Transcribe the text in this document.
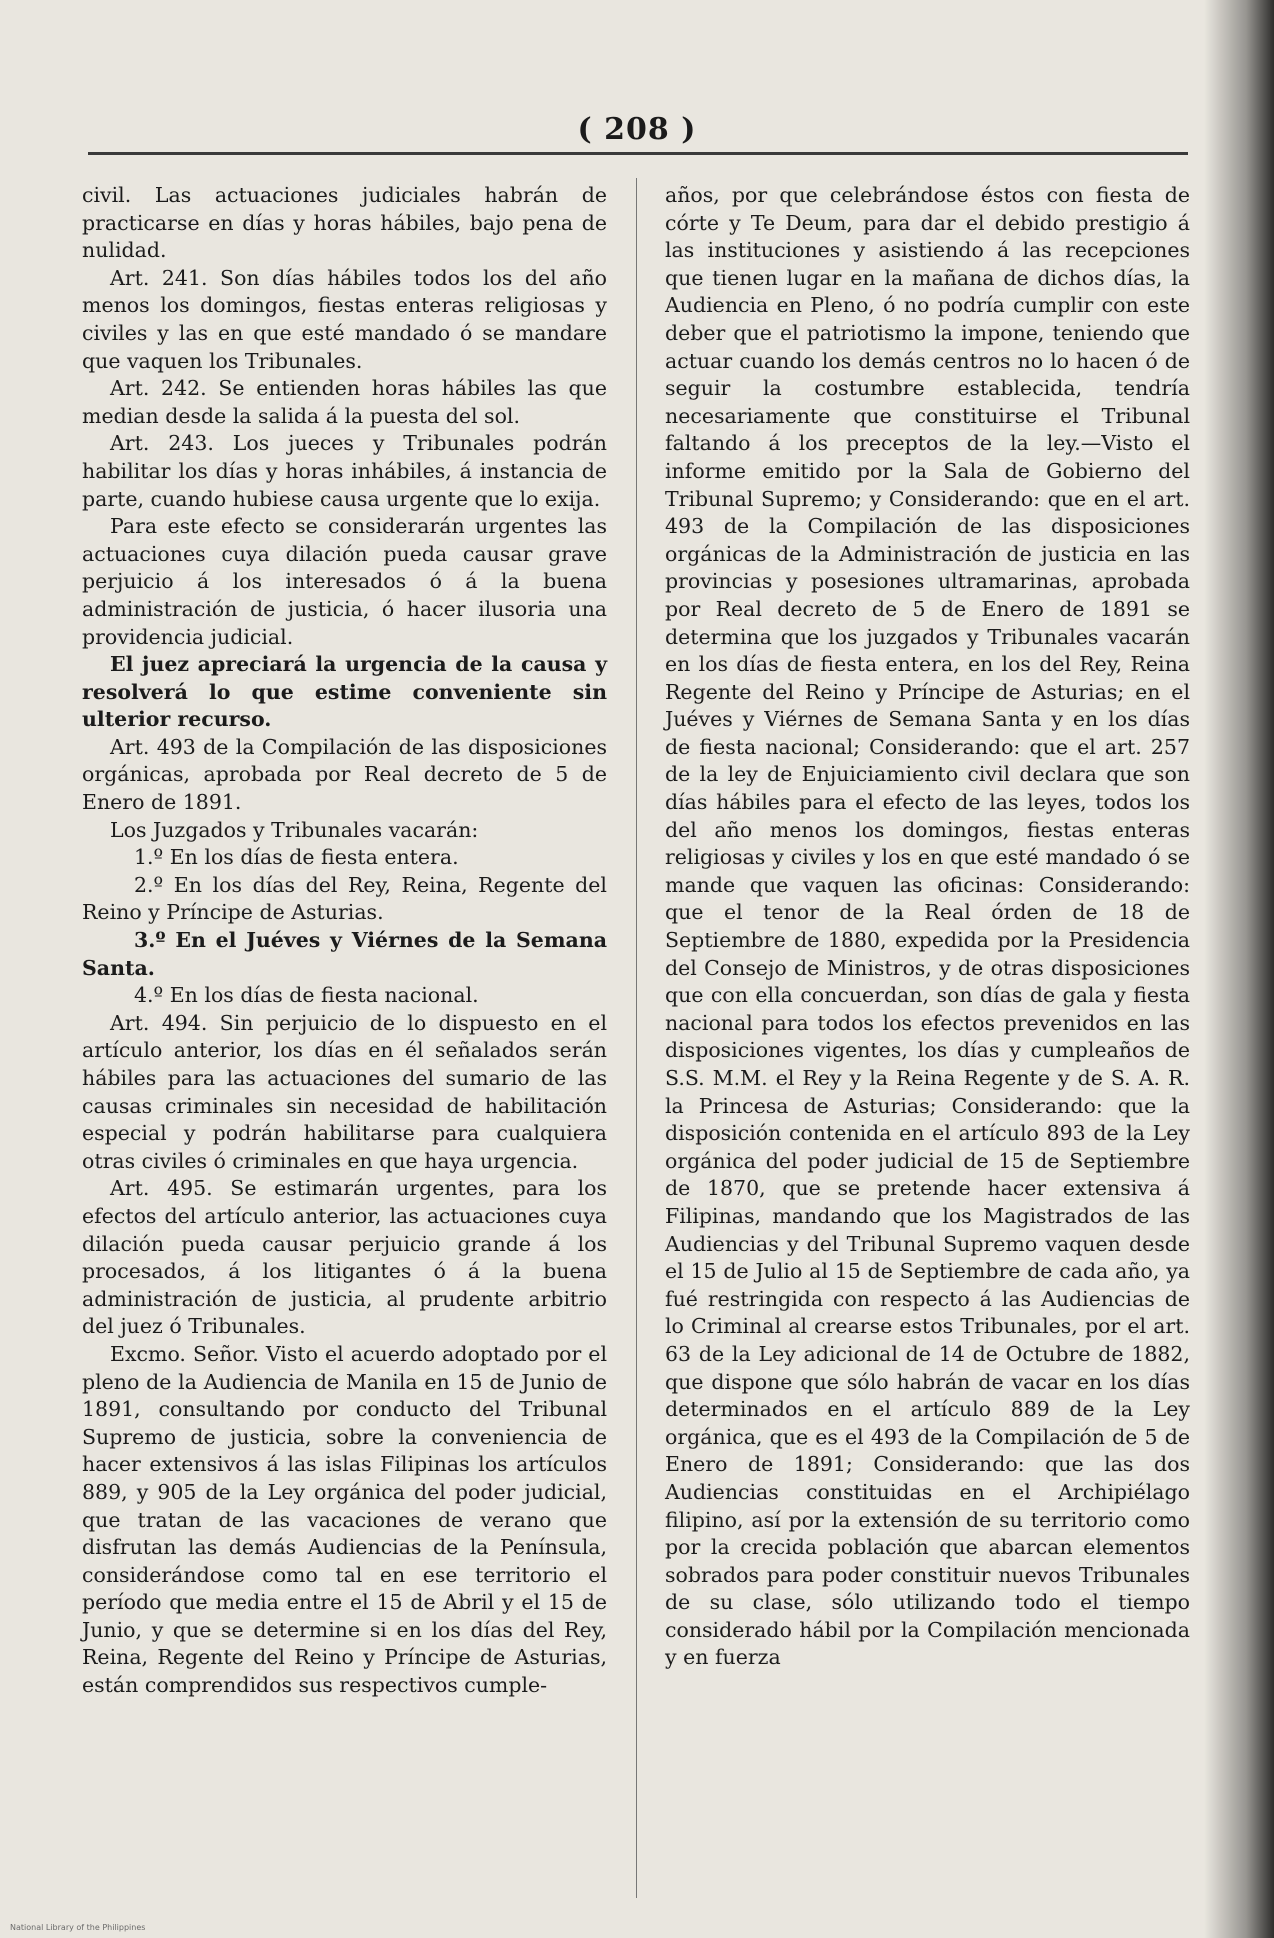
( 208 )

civil. Las actuaciones judiciales habrán de practicarse en días y horas hábiles, bajo pena de nulidad.

Art. 241. Son días hábiles todos los del año menos los domingos, fiestas enteras religiosas y civiles y las en que esté mandado ó se mandare que vaquen los Tribunales.

Art. 242. Se entienden horas hábiles las que median desde la salida á la puesta del sol.

Art. 243. Los jueces y Tribunales podrán habilitar los días y horas inhábiles, á instancia de parte, cuando hubiese causa urgente que lo exija.

Para este efecto se considerarán urgentes las actuaciones cuya dilación pueda causar grave perjuicio á los interesados ó á la buena administración de justicia, ó hacer ilusoria una providencia judicial.

El juez apreciará la urgencia de la causa y resolverá lo que estime conveniente sin ulterior recurso.

Art. 493 de la Compilación de las disposiciones orgánicas, aprobada por Real decreto de 5 de Enero de 1891.

Los Juzgados y Tribunales vacarán:

1.º En los días de fiesta entera.

2.º En los días del Rey, Reina, Regente del Reino y Príncipe de Asturias.

3.º En el Juéves y Viérnes de la Semana Santa.

4.º En los días de fiesta nacional.

Art. 494. Sin perjuicio de lo dispuesto en el artículo anterior, los días en él señalados serán hábiles para las actuaciones del sumario de las causas criminales sin necesidad de habilitación especial y podrán habilitarse para cualquiera otras civiles ó criminales en que haya urgencia.

Art. 495. Se estimarán urgentes, para los efectos del artículo anterior, las actuaciones cuya dilación pueda causar perjuicio grande á los procesados, á los litigantes ó á la buena administración de justicia, al prudente arbitrio del juez ó Tribunales.

Excmo. Señor. Visto el acuerdo adoptado por el pleno de la Audiencia de Manila en 15 de Junio de 1891, consultando por conducto del Tribunal Supremo de justicia, sobre la conveniencia de hacer extensivos á las islas Filipinas los artículos 889, y 905 de la Ley orgánica del poder judicial, que tratan de las vacaciones de verano que disfrutan las demás Audiencias de la Península, considerándose como tal en ese territorio el período que media entre el 15 de Abril y el 15 de Junio, y que se determine si en los días del Rey, Reina, Regente del Reino y Príncipe de Asturias, están comprendidos sus respectivos cumple-

años, por que celebrándose éstos con fiesta de córte y Te Deum, para dar el debido prestigio á las instituciones y asistiendo á las recepciones que tienen lugar en la mañana de dichos días, la Audiencia en Pleno, ó no podría cumplir con este deber que el patriotismo la impone, teniendo que actuar cuando los demás centros no lo hacen ó de seguir la costumbre establecida, tendría necesariamente que constituirse el Tribunal faltando á los preceptos de la ley.—Visto el informe emitido por la Sala de Gobierno del Tribunal Supremo; y Considerando: que en el art. 493 de la Compilación de las disposiciones orgánicas de la Administración de justicia en las provincias y posesiones ultramarinas, aprobada por Real decreto de 5 de Enero de 1891 se determina que los juzgados y Tribunales vacarán en los días de fiesta entera, en los del Rey, Reina Regente del Reino y Príncipe de Asturias; en el Juéves y Viérnes de Semana Santa y en los días de fiesta nacional; Considerando: que el art. 257 de la ley de Enjuiciamiento civil declara que son días hábiles para el efecto de las leyes, todos los del año menos los domingos, fiestas enteras religiosas y civiles y los en que esté mandado ó se mande que vaquen las oficinas: Considerando: que el tenor de la Real órden de 18 de Septiembre de 1880, expedida por la Presidencia del Consejo de Ministros, y de otras disposiciones que con ella concuerdan, son días de gala y fiesta nacional para todos los efectos prevenidos en las disposiciones vigentes, los días y cumpleaños de S.S. M.M. el Rey y la Reina Regente y de S. A. R. la Princesa de Asturias; Considerando: que la disposición contenida en el artículo 893 de la Ley orgánica del poder judicial de 15 de Septiembre de 1870, que se pretende hacer extensiva á Filipinas, mandando que los Magistrados de las Audiencias y del Tribunal Supremo vaquen desde el 15 de Julio al 15 de Septiembre de cada año, ya fué restringida con respecto á las Audiencias de lo Criminal al crearse estos Tribunales, por el art. 63 de la Ley adicional de 14 de Octubre de 1882, que dispone que sólo habrán de vacar en los días determinados en el artículo 889 de la Ley orgánica, que es el 493 de la Compilación de 5 de Enero de 1891; Considerando: que las dos Audiencias constituidas en el Archipiélago filipino, así por la extensión de su territorio como por la crecida población que abarcan elementos sobrados para poder constituir nuevos Tribunales de su clase, sólo utilizando todo el tiempo considerado hábil por la Compilación mencionada y en fuerza

National Library of the Philippines
